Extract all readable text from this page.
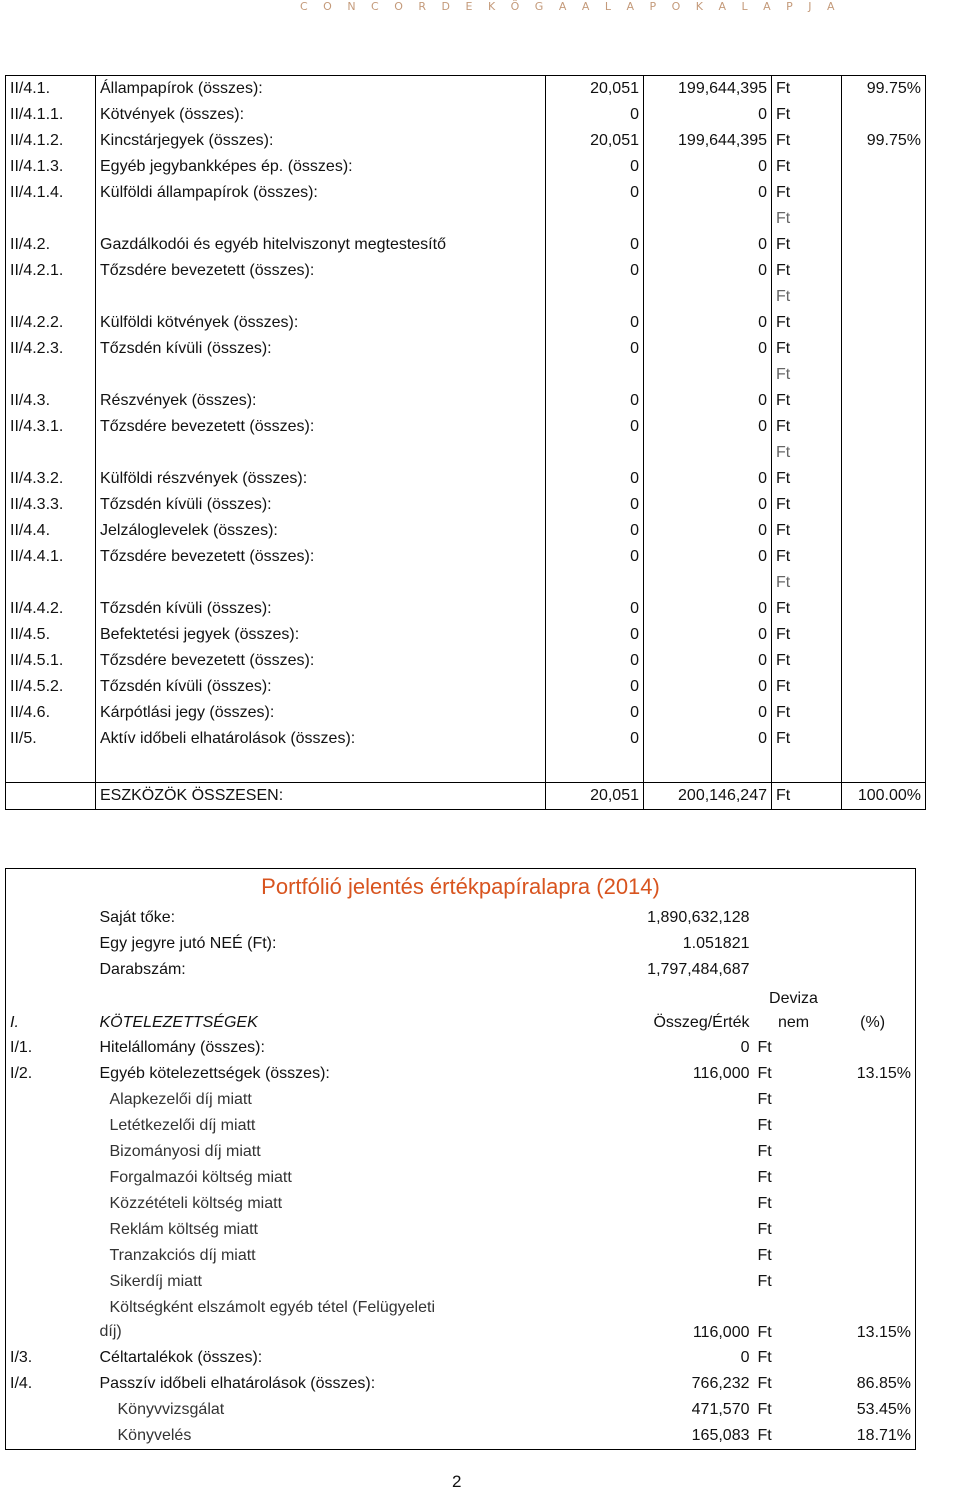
C O N C O R D E K Ö G A A L A P O K A L A P J A
II/4.1.	Állampapírok (összes):	20,051	199,644,395	Ft	99.75%
II/4.1.1.	Kötvények (összes):	0	0	Ft	
II/4.1.2.	Kincstárjegyek (összes):	20,051	199,644,395	Ft	99.75%
II/4.1.3.	Egyéb jegybankképes ép. (összes):	0	0	Ft	
II/4.1.4.	Külföldi állampapírok (összes):	0	0	Ft	
				Ft	
II/4.2.	Gazdálkodói és egyéb hitelviszonyt megtestesítő	0	0	Ft	
II/4.2.1.	Tőzsdére bevezetett (összes):	0	0	Ft	
				Ft	
II/4.2.2.	Külföldi kötvények (összes):	0	0	Ft	
II/4.2.3.	Tőzsdén kívüli (összes):	0	0	Ft	
				Ft	
II/4.3.	Részvények (összes):	0	0	Ft	
II/4.3.1.	Tőzsdére bevezetett (összes):	0	0	Ft	
				Ft	
II/4.3.2.	Külföldi részvények (összes):	0	0	Ft	
II/4.3.3.	Tőzsdén kívüli (összes):	0	0	Ft	
II/4.4.	Jelzáloglevelek (összes):	0	0	Ft	
II/4.4.1.	Tőzsdére bevezetett (összes):	0	0	Ft	
				Ft	
II/4.4.2.	Tőzsdén kívüli (összes):	0	0	Ft	
II/4.5.	Befektetési jegyek (összes):	0	0	Ft	
II/4.5.1.	Tőzsdére bevezetett (összes):	0	0	Ft	
II/4.5.2.	Tőzsdén kívüli (összes):	0	0	Ft	
II/4.6.	Kárpótlási jegy (összes):	0	0	Ft	
II/5.	Aktív időbeli elhatárolások (összes):	0	0	Ft	

	ESZKÖZÖK ÖSSZESEN:	20,051	200,146,247	Ft	100.00%
Portfólió jelentés értékpapíralapra (2014)				
	Saját tőke:	1,890,632,128		
	Egy jegyre jutó NEÉ (Ft):	1.051821		
	Darabszám:	1,797,484,687		
I.	KÖTELEZETTSÉGEK	Összeg/Érték	Deviza
nem	(%)
I/1.	Hitelállomány (összes):	0	Ft	
I/2.	Egyéb kötelezettségek (összes):	116,000	Ft	13.15%
	Alapkezelői díj miatt		Ft	
	Letétkezelői díj miatt		Ft	
	Bizományosi díj miatt		Ft	
	Forgalmazói költség miatt		Ft	
	Közzétételi költség miatt		Ft	
	Reklám költség miatt		Ft	
	Tranzakciós díj miatt		Ft	
	Sikerdíj miatt		Ft	

	Költségként elszámolt egyéb tétel (Felügyeleti
díj)	116,000	Ft	13.15%
I/3.	Céltartalékok (összes):	0	Ft	
I/4.	Passzív időbeli elhatárolások (összes):	766,232	Ft	86.85%
	Könyvvizsgálat	471,570	Ft	53.45%
	Könyvelés	165,083	Ft	18.71%
2
